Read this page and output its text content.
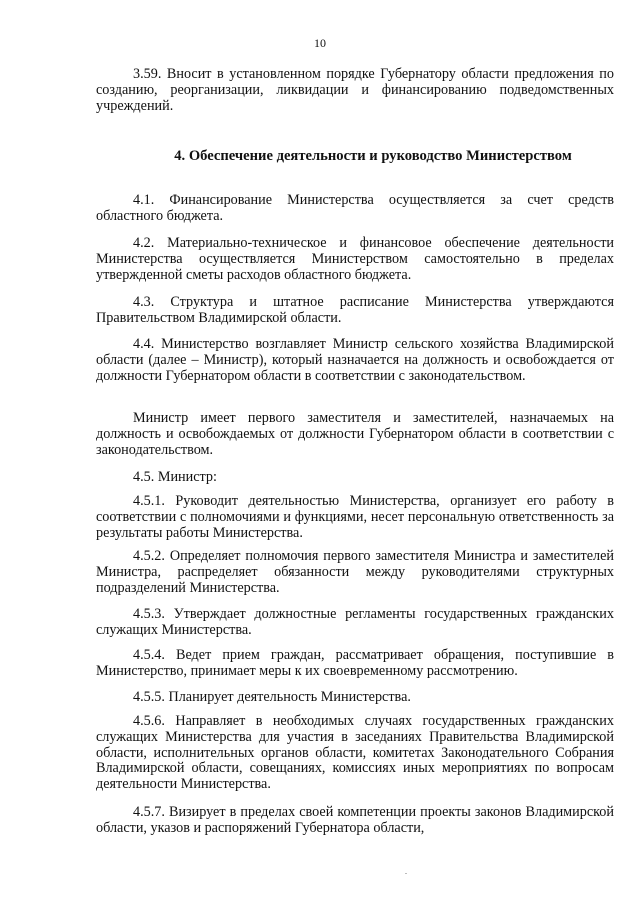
10

3.59. Вносит в установленном порядке Губернатору области предложения по созданию, реорганизации, ликвидации и финансированию подведомственных учреждений.

4. Обеспечение деятельности и руководство Министерством

4.1. Финансирование Министерства осуществляется за счет средств областного бюджета.

4.2. Материально-техническое и финансовое обеспечение деятельности Министерства осуществляется Министерством самостоятельно в пределах утвержденной сметы расходов областного бюджета.

4.3. Структура и штатное расписание Министерства утверждаются Правительством Владимирской области.

4.4. Министерство возглавляет Министр сельского хозяйства Владимирской области (далее – Министр), который назначается на должность и освобождается от должности Губернатором области в соответствии с законодательством.

Министр имеет первого заместителя и заместителей, назначаемых на должность и освобождаемых от должности Губернатором области в соответствии с законодательством.

4.5. Министр:

4.5.1. Руководит деятельностью Министерства, организует его работу в соответствии с полномочиями и функциями, несет персональную ответственность за результаты работы Министерства.

4.5.2. Определяет полномочия первого заместителя Министра и заместителей Министра, распределяет обязанности между руководителями структурных подразделений Министерства.

4.5.3. Утверждает должностные регламенты государственных гражданских служащих Министерства.

4.5.4. Ведет прием граждан, рассматривает обращения, поступившие в Министерство, принимает меры к их своевременному рассмотрению.

4.5.5. Планирует деятельность Министерства.

4.5.6. Направляет в необходимых случаях государственных гражданских служащих Министерства для участия в заседаниях Правительства Владимирской области, исполнительных органов области, комитетах Законодательного Собрания Владимирской области, совещаниях, комиссиях иных мероприятиях по вопросам деятельности Министерства.

4.5.7. Визирует в пределах своей компетенции проекты законов Владимирской области, указов и распоряжений Губернатора области,
